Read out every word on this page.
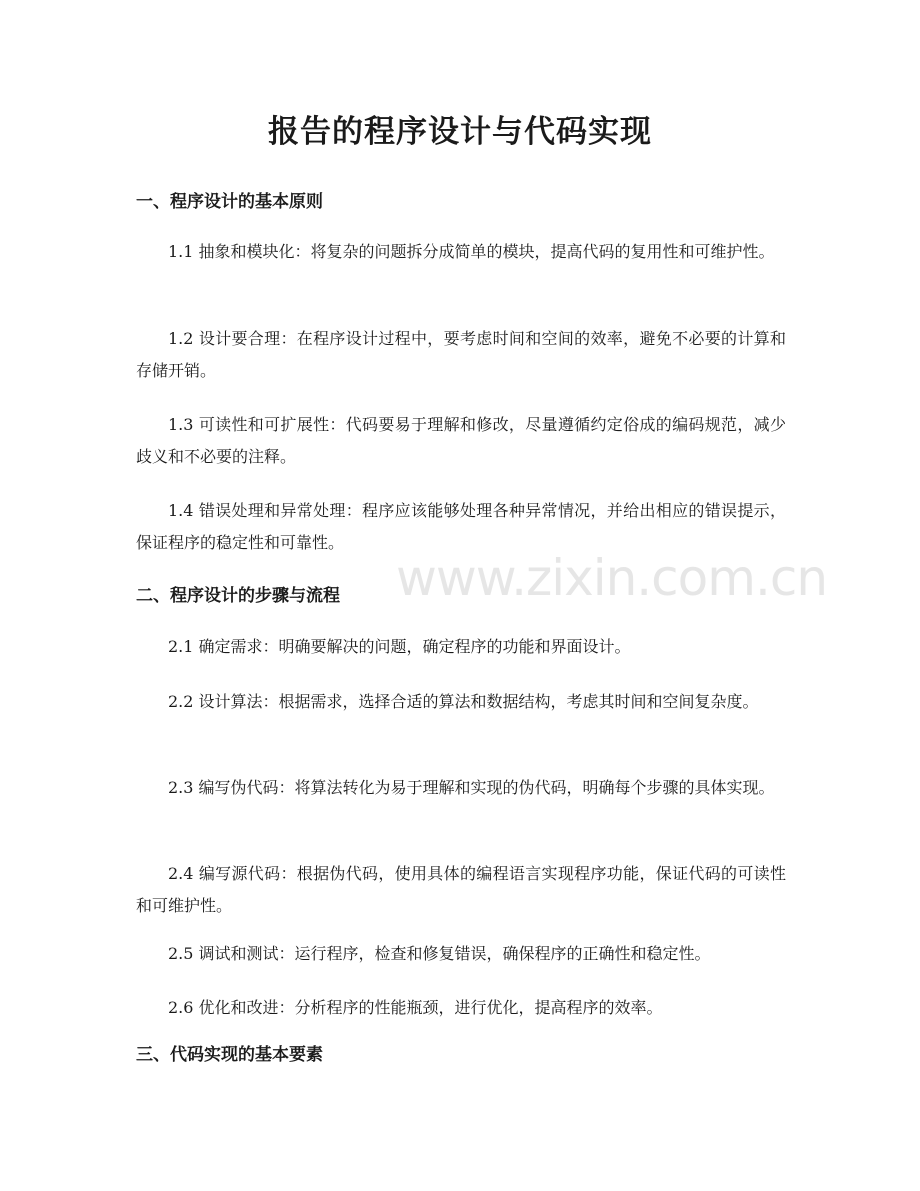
www.zixin.com.cn
报告的程序设计与代码实现
一、程序设计的基本原则

1.1 抽象和模块化：将复杂的问题拆分成简单的模块，提高代码的复用性和可维护性。

1.2 设计要合理：在程序设计过程中，要考虑时间和空间的效率，避免不必要的计算和存储开销。

1.3 可读性和可扩展性：代码要易于理解和修改，尽量遵循约定俗成的编码规范，减少歧义和不必要的注释。

1.4 错误处理和异常处理：程序应该能够处理各种异常情况，并给出相应的错误提示，保证程序的稳定性和可靠性。

二、程序设计的步骤与流程

2.1 确定需求：明确要解决的问题，确定程序的功能和界面设计。

2.2 设计算法：根据需求，选择合适的算法和数据结构，考虑其时间和空间复杂度。

2.3 编写伪代码：将算法转化为易于理解和实现的伪代码，明确每个步骤的具体实现。

2.4 编写源代码：根据伪代码，使用具体的编程语言实现程序功能，保证代码的可读性和可维护性。

2.5 调试和测试：运行程序，检查和修复错误，确保程序的正确性和稳定性。

2.6 优化和改进：分析程序的性能瓶颈，进行优化，提高程序的效率。

三、代码实现的基本要素
